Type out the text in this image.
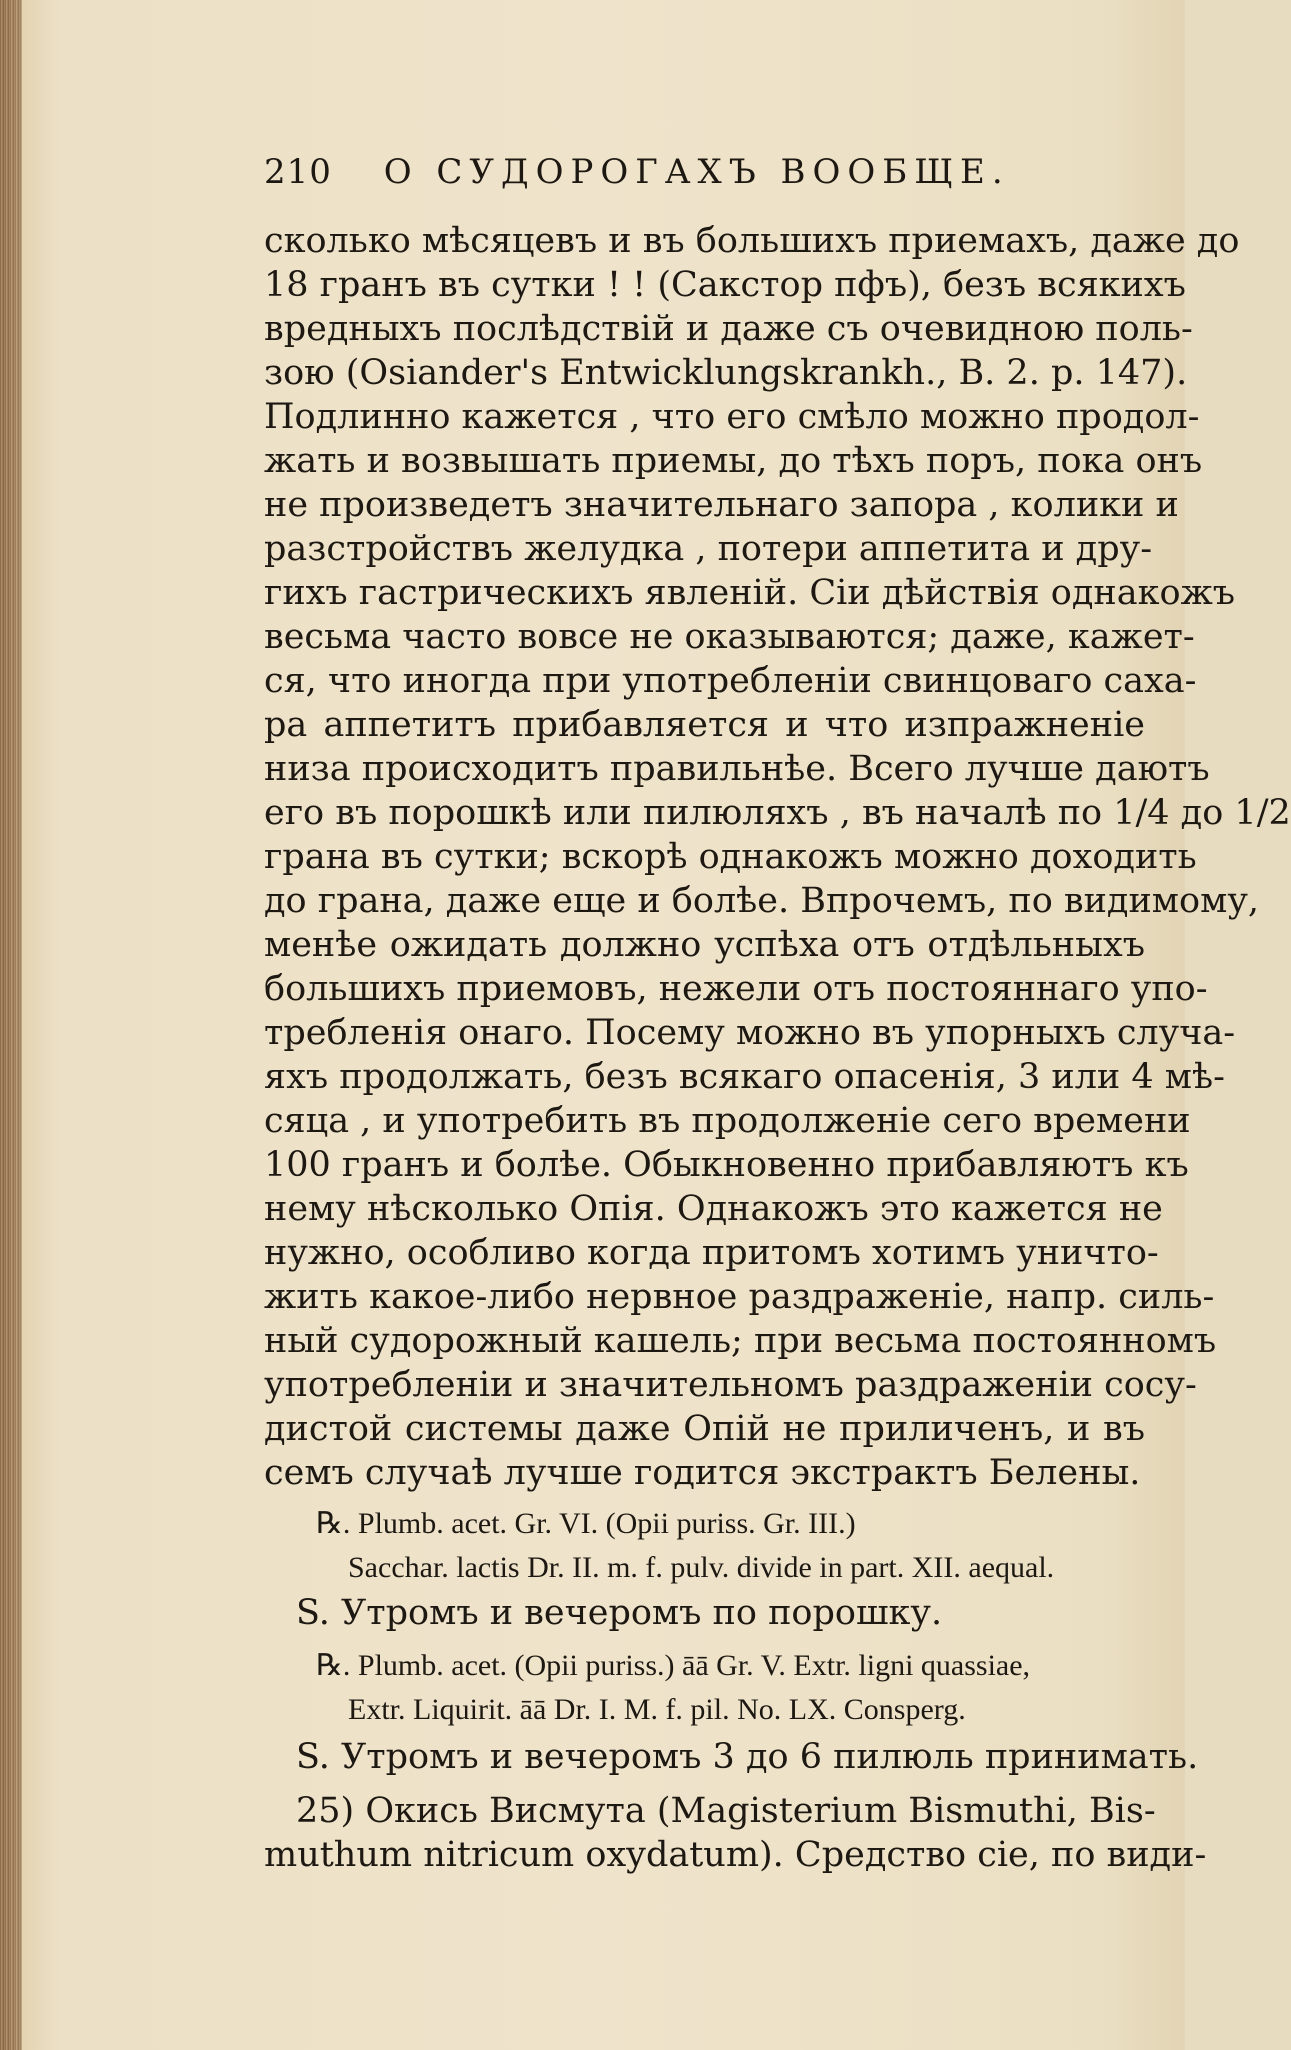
210 О СУДОРОГАХЪ ВООБЩЕ.
сколько мѣсяцевъ и въ большихъ приемахъ, даже до
18 гранъ въ сутки ! ! (Сакстор пфъ), безъ всякихъ
вредныхъ послѣдствій и даже съ очевидною поль-
зою (Osiander's Entwicklungskrankh., B. 2. p. 147).
Подлинно кажется , что его смѣло можно продол-
жать и возвышать приемы, до тѣхъ поръ, пока онъ
не произведетъ значительнаго запора , колики и
разстройствъ желудка , потери аппетита и дру-
гихъ гастрическихъ явленій. Сіи дѣйствія однакожъ
весьма часто вовсе не оказываются; даже, кажет-
ся, что иногда при употребленіи свинцоваго саха-
ра аппетитъ прибавляется и что изпражненіе
низа происходитъ правильнѣе. Всего лучше даютъ
его въ порошкѣ или пилюляхъ , въ началѣ по 1/4 до 1/2
грана въ сутки; вскорѣ однакожъ можно доходить
до грана, даже еще и болѣе. Впрочемъ, по видимому,
менѣе ожидать должно успѣха отъ отдѣльныхъ
большихъ приемовъ, нежели отъ постояннаго упо-
требленія онаго. Посему можно въ упорныхъ случа-
яхъ продолжать, безъ всякаго опасенія, 3 или 4 мѣ-
сяца , и употребить въ продолженіе сего времени
100 гранъ и болѣе. Обыкновенно прибавляютъ къ
нему нѣсколько Опія. Однакожъ это кажется не
нужно, особливо когда притомъ хотимъ уничто-
жить какое-либо нервное раздраженіе, напр. силь-
ный судорожный кашель; при весьма постоянномъ
употребленіи и значительномъ раздраженіи сосу-
дистой системы даже Опій не приличенъ, и въ
семъ случаѣ лучше годится экстрактъ Белены.
℞. Plumb. acet. Gr. VI. (Opii puriss. Gr. III.)
Sacchar. lactis Dr. II. m. f. pulv. divide in part. XII. aequal.
S. Утромъ и вечеромъ по порошку.
℞. Plumb. acet. (Opii puriss.) āā Gr. V. Extr. ligni quassiae,
Extr. Liquirit. āā Dr. I. M. f. pil. No. LX. Consperg.
S. Утромъ и вечеромъ 3 до 6 пилюль принимать.
25) Окись Висмута (Magisterium Bismuthi, Bis-
muthum nitricum oxydatum). Средство сіе, по види-
